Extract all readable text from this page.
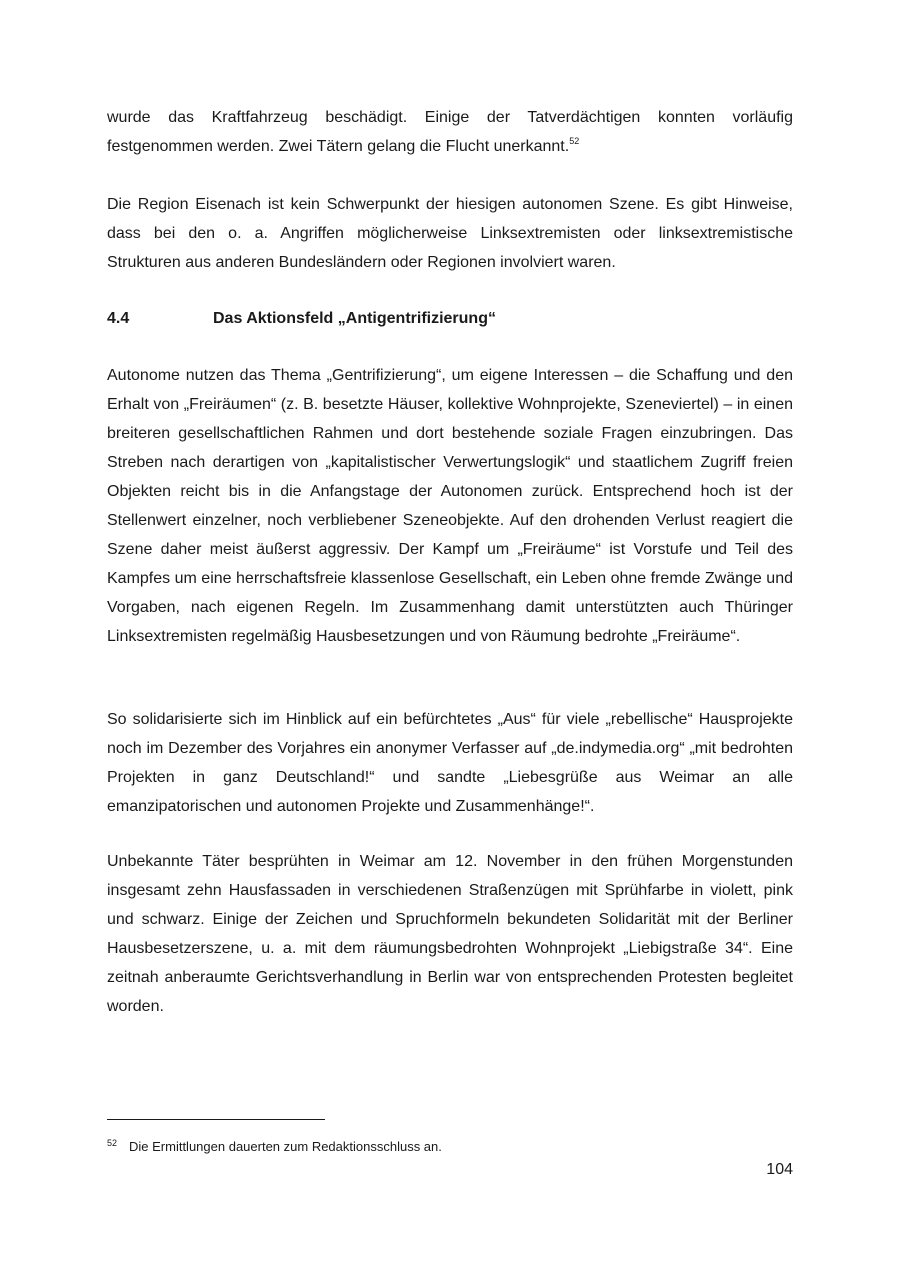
wurde das Kraftfahrzeug beschädigt. Einige der Tatverdächtigen konnten vorläufig festgenommen werden. Zwei Tätern gelang die Flucht unerkannt.$^{52}$

Die Region Eisenach ist kein Schwerpunkt der hiesigen autonomen Szene. Es gibt Hinweise, dass bei den o. a. Angriffen möglicherweise Linksextremisten oder linksextremistische Strukturen aus anderen Bundesländern oder Regionen involviert waren.

4.4	Das Aktionsfeld „Antigentrifizierung“

Autonome nutzen das Thema „Gentrifizierung“, um eigene Interessen – die Schaffung und den Erhalt von „Freiräumen“ (z. B. besetzte Häuser, kollektive Wohnprojekte, Szeneviertel) – in einen breiteren gesellschaftlichen Rahmen und dort bestehende soziale Fragen einzubringen. Das Streben nach derartigen von „kapitalistischer Verwertungslogik“ und staatlichem Zugriff freien Objekten reicht bis in die Anfangstage der Autonomen zurück. Entsprechend hoch ist der Stellenwert einzelner, noch verbliebener Szeneobjekte. Auf den drohenden Verlust reagiert die Szene daher meist äußerst aggressiv. Der Kampf um „Freiräume“ ist Vorstufe und Teil des Kampfes um eine herrschaftsfreie klassenlose Gesellschaft, ein Leben ohne fremde Zwänge und Vorgaben, nach eigenen Regeln. Im Zusammenhang damit unterstützten auch Thüringer Linksextremisten regelmäßig Hausbesetzungen und von Räumung bedrohte „Freiräume“.

So solidarisierte sich im Hinblick auf ein befürchtetes „Aus“ für viele „rebellische“ Hausprojekte noch im Dezember des Vorjahres ein anonymer Verfasser auf „de.indymedia.org“ „mit bedrohten Projekten in ganz Deutschland!“ und sandte „Liebesgrüße aus Weimar an alle emanzipatorischen und autonomen Projekte und Zusammenhänge!“.

Unbekannte Täter besprühten in Weimar am 12. November in den frühen Morgenstunden insgesamt zehn Hausfassaden in verschiedenen Straßenzügen mit Sprühfarbe in violett, pink und schwarz. Einige der Zeichen und Spruchformeln bekundeten Solidarität mit der Berliner Hausbesetzerszene, u. a. mit dem räumungsbedrohten Wohnprojekt „Liebigstraße 34“. Eine zeitnah anberaumte Gerichtsverhandlung in Berlin war von entsprechenden Protesten begleitet worden.

52 Die Ermittlungen dauerten zum Redaktionsschluss an.
104
